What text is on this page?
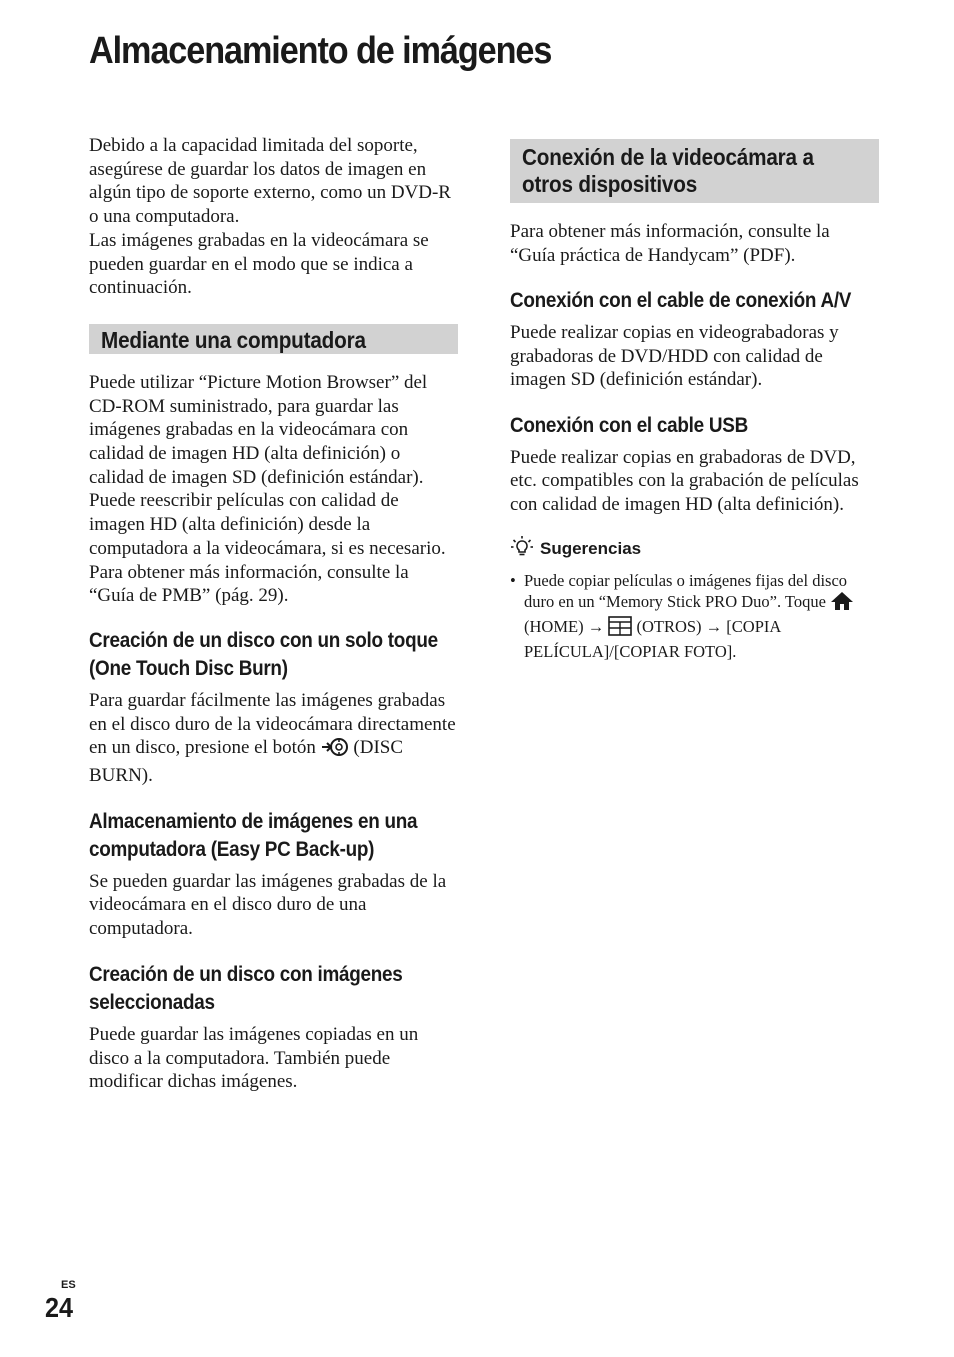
Almacenamiento de imágenes

Debido a la capacidad limitada del soporte, asegúrese de guardar los datos de imagen en algún tipo de soporte externo, como un DVD-R o una computadora.

Las imágenes grabadas en la videocámara se pueden guardar en el modo que se indica a continuación.

Mediante una computadora

Puede utilizar “Picture Motion Browser” del CD-ROM suministrado, para guardar las imágenes grabadas en la videocámara con calidad de imagen HD (alta definición) o calidad de imagen SD (definición estándar).

Puede reescribir películas con calidad de imagen HD (alta definición) desde la computadora a la videocámara, si es necesario. Para obtener más información, consulte la “Guía de PMB” (pág. 29).

Creación de un disco con un solo toque (One Touch Disc Burn)

Para guardar fácilmente las imágenes grabadas en el disco duro de la videocámara directamente en un disco, presione el botón (DISC BURN).

Almacenamiento de imágenes en una computadora (Easy PC Back-up)

Se pueden guardar las imágenes grabadas de la videocámara en el disco duro de una computadora.

Creación de un disco con imágenes seleccionadas

Puede guardar las imágenes copiadas en un disco a la computadora. También puede modificar dichas imágenes.

Conexión de la videocámara a otros dispositivos

Para obtener más información, consulte la “Guía práctica de Handycam” (PDF).

Conexión con el cable de conexión A/V

Puede realizar copias en videograbadoras y grabadoras de DVD/HDD con calidad de imagen SD (definición estándar).

Conexión con el cable USB

Puede realizar copias en grabadoras de DVD, etc. compatibles con la grabación de películas con calidad de imagen HD (alta definición).

Sugerencias
• Puede copiar películas o imágenes fijas del disco duro en un “Memory Stick PRO Duo”. Toque  (HOME) → (OTROS) → [COPIA PELÍCULA]/[COPIAR FOTO].
ES
24
